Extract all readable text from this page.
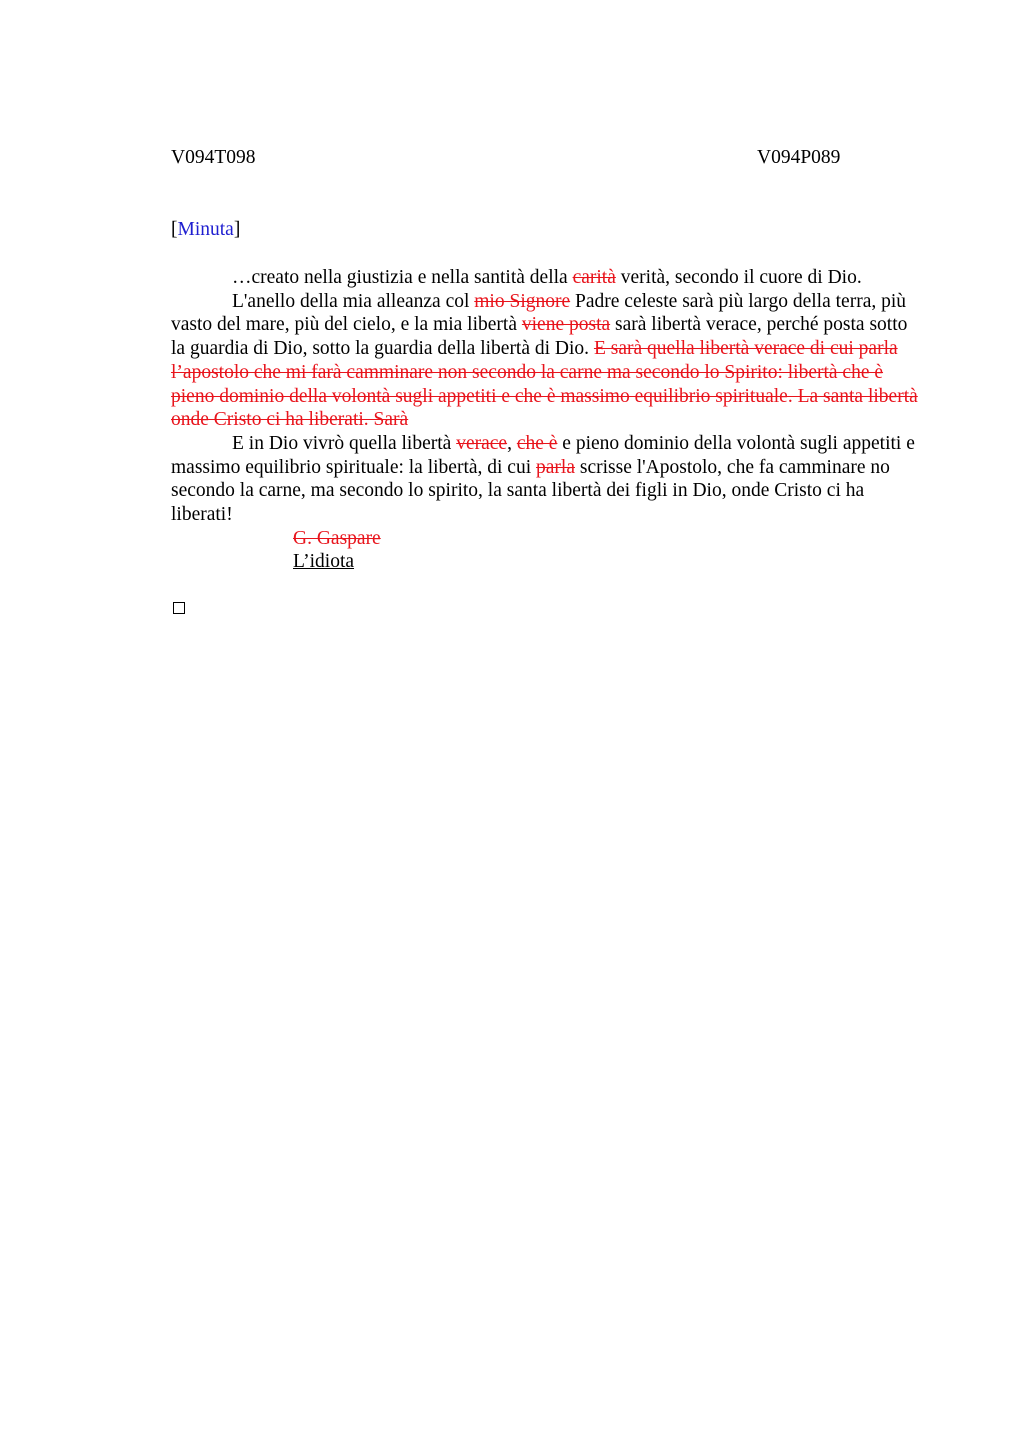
V094T098	V094P089
[Minuta]

…creato nella giustizia e nella santità della carità verità, secondo il cuore di Dio.

L'anello della mia alleanza col mio Signore Padre celeste sarà più largo della terra, più vasto del mare, più del cielo, e la mia libertà viene posta sarà libertà verace, perché posta sotto la guardia di Dio, sotto la guardia della libertà di Dio. E sarà quella libertà verace di cui parla l’apostolo che mi farà camminare non secondo la carne ma secondo lo Spirito: libertà che è pieno dominio della volontà sugli appetiti e che è massimo equilibrio spirituale. La santa libertà onde Cristo ci ha liberati. Sarà

E in Dio vivrò quella libertà verace, che è e pieno dominio della volontà sugli appetiti e massimo equilibrio spirituale: la libertà, di cui parla scrisse l'Apostolo, che fa camminare no secondo la carne, ma secondo lo spirito, la santa libertà dei figli in Dio, onde Cristo ci ha liberati!

G. Gaspare

L’idiota
